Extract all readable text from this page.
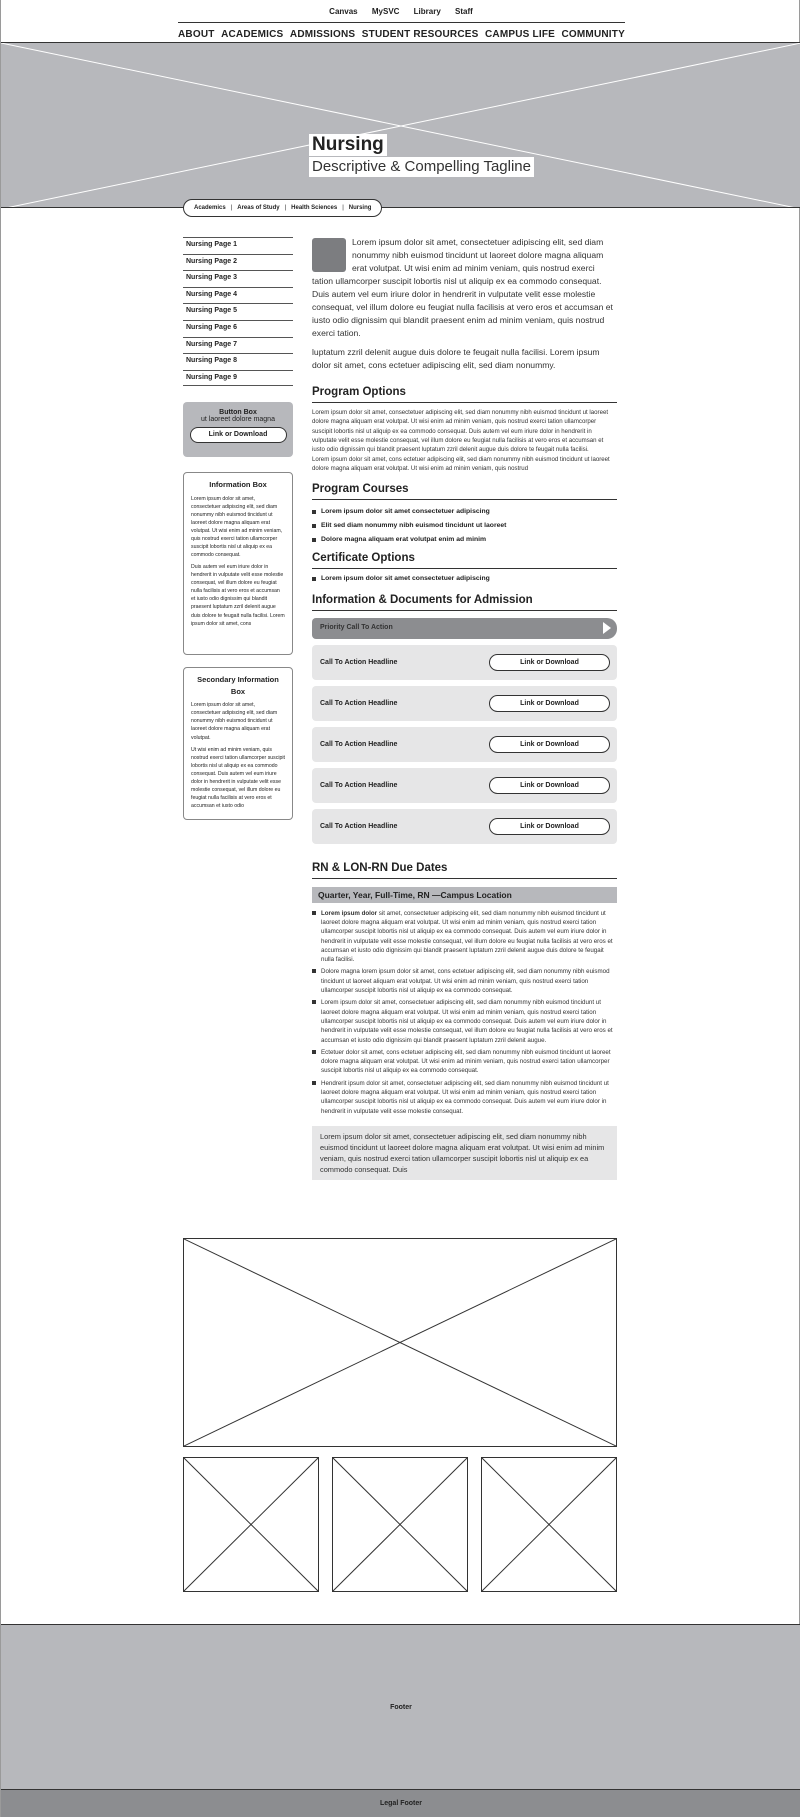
Canvas MySVC Library Staff
ABOUT ACADEMICS ADMISSIONS STUDENT RESOURCES CAMPUS LIFE COMMUNITY
Nursing
Descriptive & Compelling Tagline
Academics | Areas of Study | Health Sciences | Nursing
Nursing Page 1
Nursing Page 2
Nursing Page 3
Nursing Page 4
Nursing Page 5
Nursing Page 6
Nursing Page 7
Nursing Page 8
Nursing Page 9
Button Box
ut laoreet dolore magna
Link or Download
Information Box

Lorem ipsum dolor sit amet, consectetuer adipiscing elit, sed diam nonummy nibh euismod tincidunt ut laoreet dolore magna aliquam erat volutpat. Ut wisi enim ad minim veniam, quis nostrud exerci tation ullamcorper suscipit lobortis nisl ut aliquip ex ea commodo consequat.

Duis autem vel eum iriure dolor in hendrerit in vulputate velit esse molestie consequat, vel illum dolore eu feugiat nulla facilisis at vero eros et accumsan et iusto odio dignissim qui blandit praesent luptatum zzril delenit augue duis dolore te feugait nulla facilisi. Lorem ipsum dolor sit amet, cons

Secondary Information Box

Lorem ipsum dolor sit amet, consectetuer adipiscing elit, sed diam nonummy nibh euismod tincidunt ut laoreet dolore magna aliquam erat volutpat.

Ut wisi enim ad minim veniam, quis nostrud exerci tation ullamcorper suscipit lobortis nisl ut aliquip ex ea commodo consequat. Duis autem vel eum iriure dolor in hendrerit in vulputate velit esse molestie consequat, vel illum dolore eu feugiat nulla facilisis at vero eros et accumsan et iusto odio

Lorem ipsum dolor sit amet, consectetuer adipiscing elit, sed diam nonummy nibh euismod tincidunt ut laoreet dolore magna aliquam erat volutpat. Ut wisi enim ad minim veniam, quis nostrud exerci tation ullamcorper suscipit lobortis nisl ut aliquip ex ea commodo consequat. Duis autem vel eum iriure dolor in hendrerit in vulputate velit esse molestie consequat, vel illum dolore eu feugiat nulla facilisis at vero eros et accumsan et iusto odio dignissim qui blandit praesent enim ad minim veniam, quis nostrud exerci tation.

luptatum zzril delenit augue duis dolore te feugait nulla facilisi. Lorem ipsum dolor sit amet, cons ectetuer adipiscing elit, sed diam nonummy.

Program Options
Lorem ipsum dolor sit amet, consectetuer adipiscing elit, sed diam nonummy nibh euismod tincidunt ut laoreet dolore magna aliquam erat volutpat. Ut wisi enim ad minim veniam, quis nostrud exerci tation ullamcorper suscipit lobortis nisl ut aliquip ex ea commodo consequat. Duis autem vel eum iriure dolor in hendrerit in vulputate velit esse molestie consequat, vel illum dolore eu feugiat nulla facilisis at vero eros et accumsan et iusto odio dignissim qui blandit praesent luptatum zzril delenit augue duis dolore te feugait nulla facilisi.
Lorem ipsum dolor sit amet, cons ectetuer adipiscing elit, sed diam nonummy nibh euismod tincidunt ut laoreet dolore magna aliquam erat volutpat. Ut wisi enim ad minim veniam, quis nostrud
Program Courses
Lorem ipsum dolor sit amet consectetuer adipiscing
Elit sed diam nonummy nibh euismod tincidunt ut laoreet
Dolore magna aliquam erat volutpat enim ad minim
Certificate Options
Lorem ipsum dolor sit amet consectetuer adipiscing
Information & Documents for Admission
Priority Call To Action
Call To Action Headline	Link or Download
Call To Action Headline	Link or Download
Call To Action Headline	Link or Download
Call To Action Headline	Link or Download
Call To Action Headline	Link or Download
RN & LON-RN Due Dates
Quarter, Year, Full-Time, RN —Campus Location
Lorem ipsum dolor sit amet, consectetuer adipiscing elit, sed diam nonummy nibh euismod tincidunt ut laoreet dolore magna aliquam erat volutpat. Ut wisi enim ad minim veniam, quis nostrud exerci tation ullamcorper suscipit lobortis nisl ut aliquip ex ea commodo consequat. Duis autem vel eum iriure dolor in hendrerit in vulputate velit esse molestie consequat, vel illum dolore eu feugiat nulla facilisis at vero eros et accumsan et iusto odio dignissim qui blandit praesent luptatum zzril delenit augue duis dolore te feugait nulla facilisi.
Dolore magna lorem ipsum dolor sit amet, cons ectetuer adipiscing elit, sed diam nonummy nibh euismod tincidunt ut laoreet aliquam erat volutpat. Ut wisi enim ad minim veniam, quis nostrud exerci tation ullamcorper suscipit lobortis nisl ut aliquip ex ea commodo consequat.
Lorem ipsum dolor sit amet, consectetuer adipiscing elit, sed diam nonummy nibh euismod tincidunt ut laoreet dolore magna aliquam erat volutpat. Ut wisi enim ad minim veniam, quis nostrud exerci tation ullamcorper suscipit lobortis nisl ut aliquip ex ea commodo consequat. Duis autem vel eum iriure dolor in hendrerit in vulputate velit esse molestie consequat, vel illum dolore eu feugiat nulla facilisis at vero eros et accumsan et iusto odio dignissim qui blandit praesent luptatum zzril delenit augue.
Ectetuer dolor sit amet, cons ectetuer adipiscing elit, sed diam nonummy nibh euismod tincidunt ut laoreet dolore magna aliquam erat volutpat. Ut wisi enim ad minim veniam, quis nostrud exerci tation ullamcorper suscipit lobortis nisl ut aliquip ex ea commodo consequat.
Hendrerit ipsum dolor sit amet, consectetuer adipiscing elit, sed diam nonummy nibh euismod tincidunt ut laoreet dolore magna aliquam erat volutpat. Ut wisi enim ad minim veniam, quis nostrud exerci tation ullamcorper suscipit lobortis nisl ut aliquip ex ea commodo consequat. Duis autem vel eum iriure dolor in hendrerit in vulputate velit esse molestie consequat.
Lorem ipsum dolor sit amet, consectetuer adipiscing elit, sed diam nonummy nibh euismod tincidunt ut laoreet dolore magna aliquam erat volutpat. Ut wisi enim ad minim veniam, quis nostrud exerci tation ullamcorper suscipit lobortis nisl ut aliquip ex ea commodo consequat. Duis
Footer
Legal Footer
